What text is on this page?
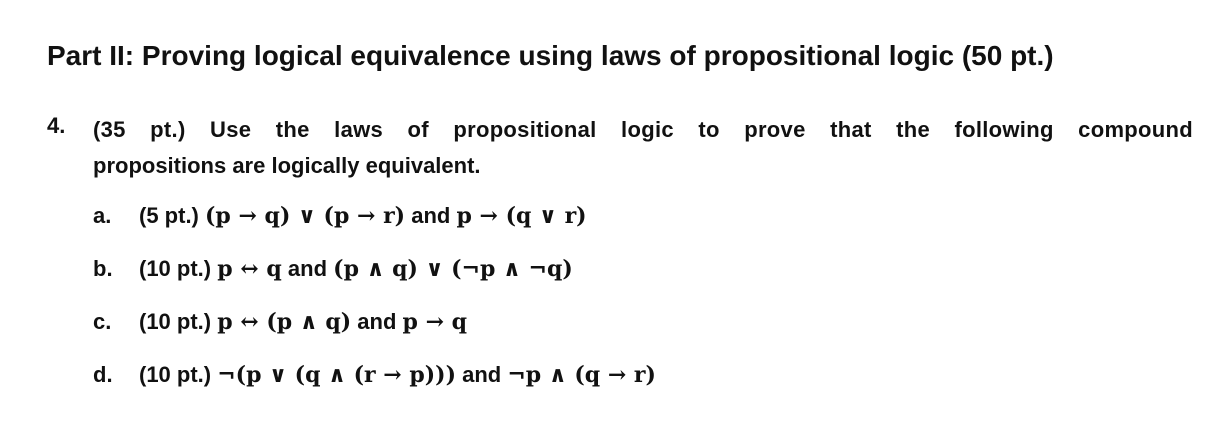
Part II: Proving logical equivalence using laws of propositional logic (50 pt.)
4. (35 pt.) Use the laws of propositional logic to prove that the following compound
propositions are logically equivalent.
a. (5 pt.) (p → q) ∨ (p → r) and p → (q ∨ r)
b. (10 pt.) p ↔ q and (p ∧ q) ∨ (¬p ∧ ¬q)
c. (10 pt.) p ↔ (p ∧ q) and p → q
d. (10 pt.) ¬(p ∨ (q ∧ (r → p))) and ¬p ∧ (q → r)
